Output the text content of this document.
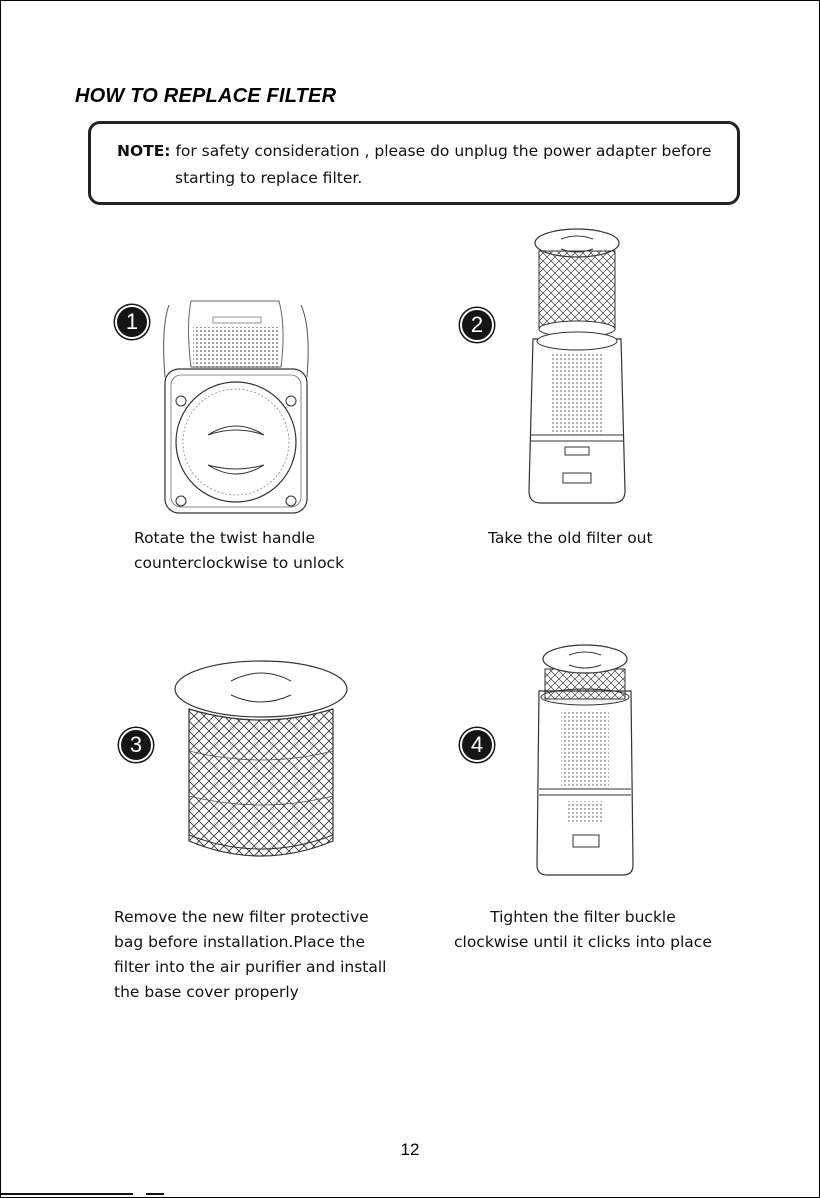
HOW TO REPLACE FILTER
NOTE: for safety consideration , please do unplug the power adapter before
starting to replace filter.
1
Rotate the twist handle
counterclockwise to unlock
2
Take the old filter out
3
Remove the new filter protective
bag before installation.Place the
filter into the air purifier and install
the base cover properly
4
Tighten the filter buckle
clockwise until it clicks into place
12
